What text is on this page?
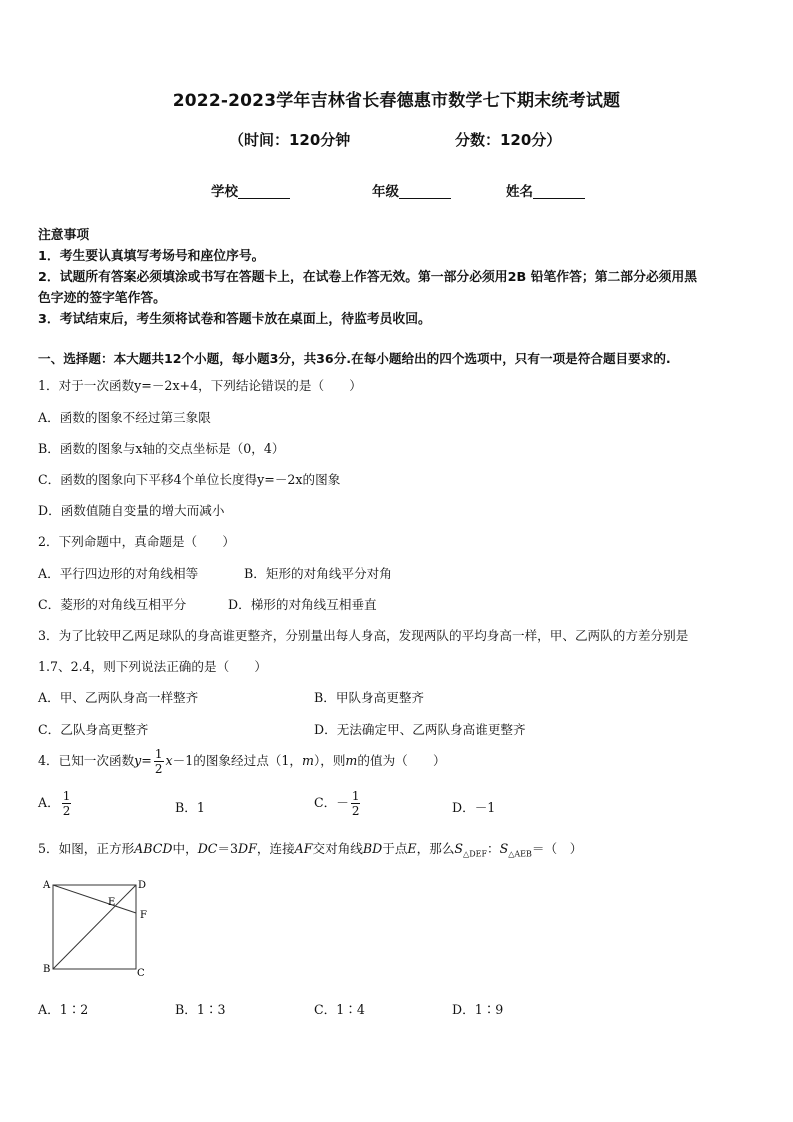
2022-2023学年吉林省长春德惠市数学七下期末统考试题
（时间：120分钟	分数：120分）
学校	年级	姓名
注意事项
1．考生要认真填写考场号和座位序号。
2．试题所有答案必须填涂或书写在答题卡上，在试卷上作答无效。第一部分必须用2B 铅笔作答；第二部分必须用黑
色字迹的签字笔作答。
3．考试结束后，考生须将试卷和答题卡放在桌面上，待监考员收回。
一、选择题：本大题共12个小题，每小题3分，共36分.在每小题给出的四个选项中，只有一项是符合题目要求的.
1．对于一次函数y=－2x+4，下列结论错误的是（　　）
A．函数的图象不经过第三象限
B．函数的图象与x轴的交点坐标是（0，4）
C．函数的图象向下平移4个单位长度得y=－2x的图象
D．函数值随自变量的增大而减小
2．下列命题中，真命题是（　　）
A．平行四边形的对角线相等	B．矩形的对角线平分对角
C．菱形的对角线互相平分	D．梯形的对角线互相垂直
3．为了比较甲乙两足球队的身高谁更整齐，分别量出每人身高，发现两队的平均身高一样，甲、乙两队的方差分别是
1.7、2.4，则下列说法正确的是（　　）
A．甲、乙两队身高一样整齐	B．甲队身高更整齐
C．乙队身高更整齐	D．无法确定甲、乙两队身高谁更整齐
4．已知一次函数$y= \frac{1}{2} x-1$的图象经过点（1，m），则m的值为（　　）
A． $\frac{1}{2}$	B．1	C．－ $\frac{1}{2}$	D．－1
5．如图，正方形ABCD中，DC＝3DF，连接AF交对角线BD于点E，那么$S_{\triangle DEF}$：$S_{\triangle AEB}=$（　）
A	D
E
F
B	C
A．1∶2	B．1∶3	C．1∶4	D．1∶9
